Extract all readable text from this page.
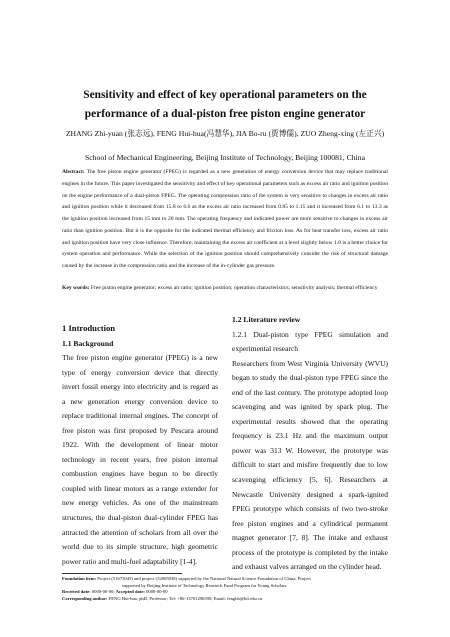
Sensitivity and effect of key operational parameters on the
performance of a dual-piston free piston engine generator
ZHANG Zhi-yuan (张志远), FENG Hui-hua(冯慧华), JIA Bo-ru (贾博儒), ZUO Zheng-xing (左正兴)
School of Mechanical Engineering, Beijing Institute of Technology, Beijing 100081, China
Abstract: The free piston engine generator (FPEG) is regarded as a new generation of energy conversion device that may replace traditional engines in the future. This paper investigated the sensitivity and effect of key operational parameters such as excess air ratio and ignition position on the engine performance of a dual-piston FPEG. The operating compression ratio of the system is very sensitive to changes in excess air ratio and ignition position while it decreased from 15.8 to 6.6 as the excess air ratio increased from 0.85 to 1.15 and it increased from 6.1 to 13.3 as the ignition position increased from 15 mm to 20 mm. The operating frequency and indicated power are more sensitive to changes in excess air ratio than ignition position. But it is the opposite for the indicated thermal efficiency and friction loss. As for heat transfer loss, excess air ratio and ignition position have very close influence. Therefore, maintaining the excess air coefficient at a level slightly below 1.0 is a better choice for system operation and performance. While the selection of the ignition position should comprehensively consider the risk of structural damage caused by the increase in the compression ratio and the increase of the in-cylinder gas pressure.
Key words: Free piston engine generator; excess air ratio; ignition position; operation characteristics; sensitivity analysis; thermal efficiency
1 Introduction
1.1 Background

The free piston engine generator (FPEG) is a new type of energy conversion device that directly invert fossil energy into electricity and is regard as a new generation energy conversion device to replace traditional internal engines. The concept of free piston was first proposed by Pescara around 1922. With the development of linear motor technology in recent years, free piston internal combustion engines have begun to be directly coupled with linear motors as a range extender for new energy vehicles. As one of the mainstream structures, the dual-piston dual-cylinder FPEG has attracted the attention of scholars from all over the world due to its simple structure, high geometric power ratio and multi-fuel adaptability [1-4].

1.2 Literature review
1.2.1 Dual-piston type FPEG simulation and experimental research

Researchers from West Virginia University (WVU) began to study the dual-piston type FPEG since the end of the last century. The prototype adopted loop scavenging and was ignited by spark plug. The experimental results showed that the operating frequency is 23.1 Hz and the maximum output power was 313 W. However, the prototype was difficult to start and misfire frequently due to low scavenging efficiency [5, 6]. Researchers at Newcastle University designed a spark-ignited FPEG prototype which consists of two two-stroke free piston engines and a cylindrical permanent magnet generator [7, 8]. The intake and exhaust process of the prototype is completed by the intake and exhaust valves arranged on the cylinder head.

Foundation item: Project (51675043) and project (52005038) supported by the National Natural Science Foundation of China; Project
supported by Beijing Institute of Technology Research Fund Program for Young Scholars
Received date: 0000-00-00; Accepted date: 0000-00-00
Corresponding author: FENG Hui-hua, phD, Professor; Tel: +86-13701296590; Email: fenghh@bit.edu.cn
